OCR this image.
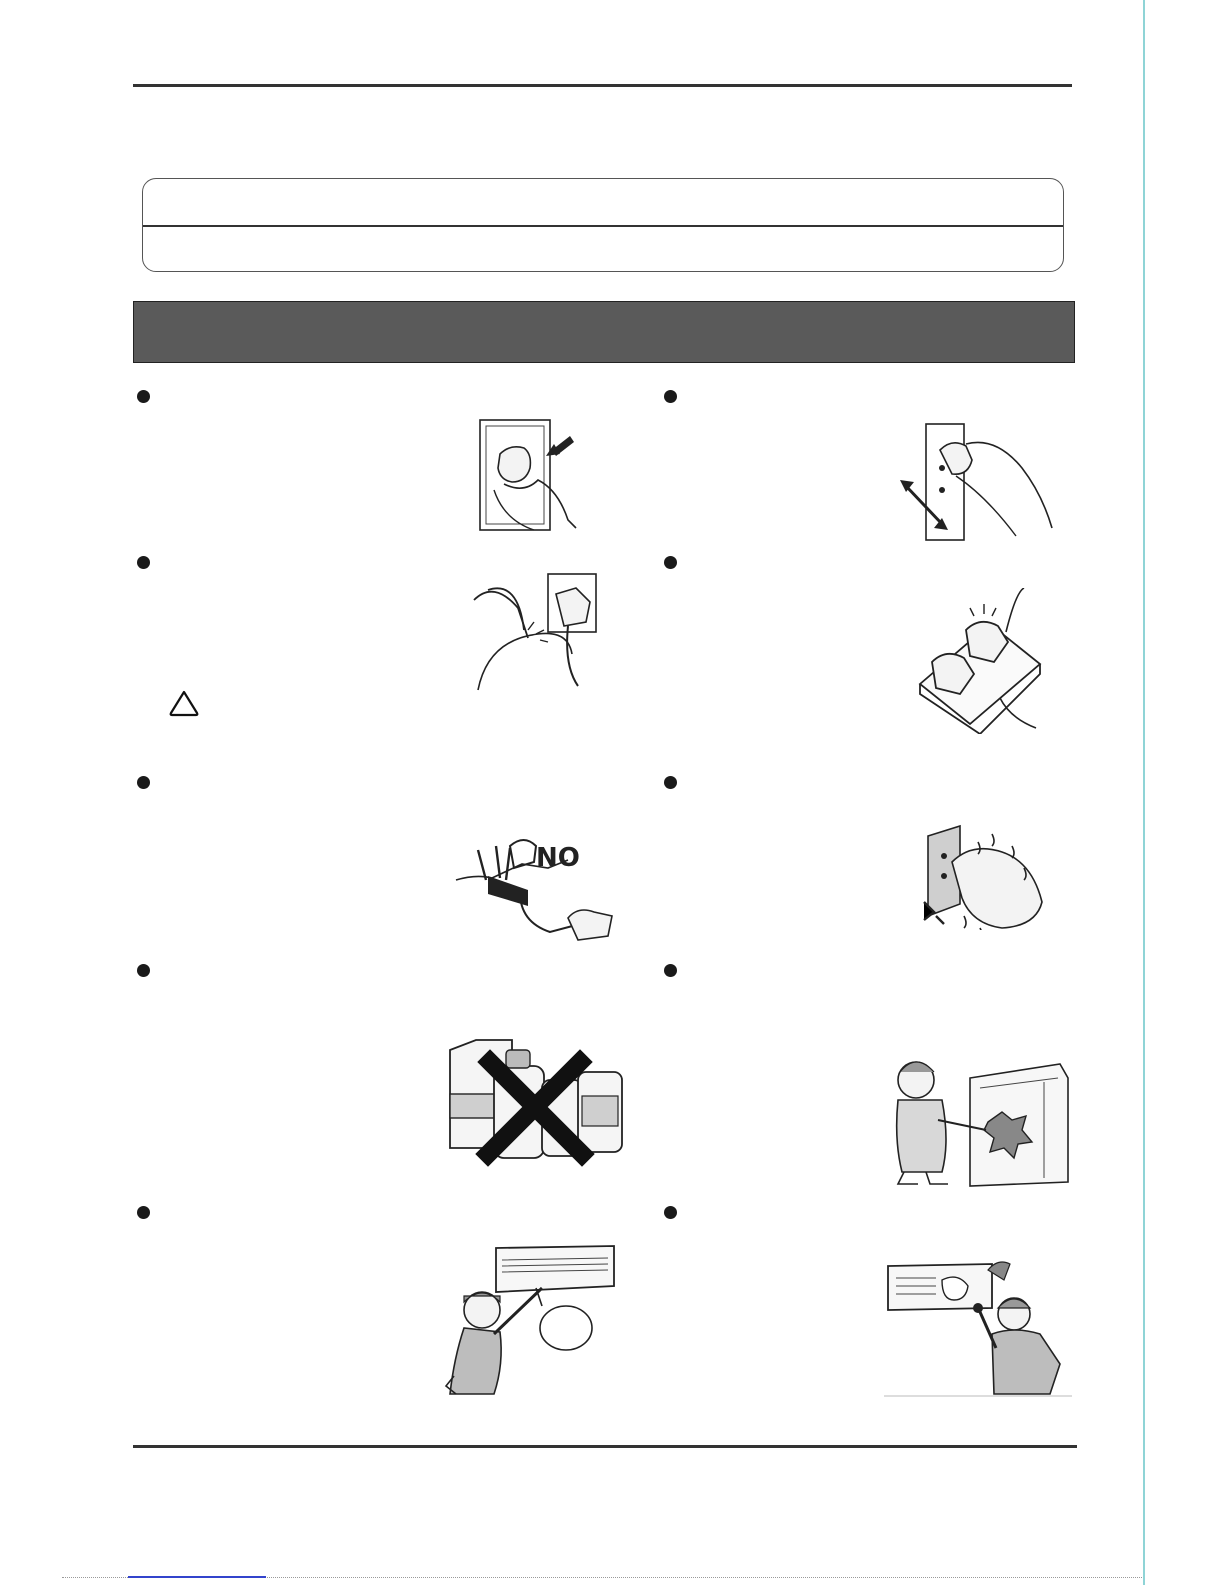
NO
